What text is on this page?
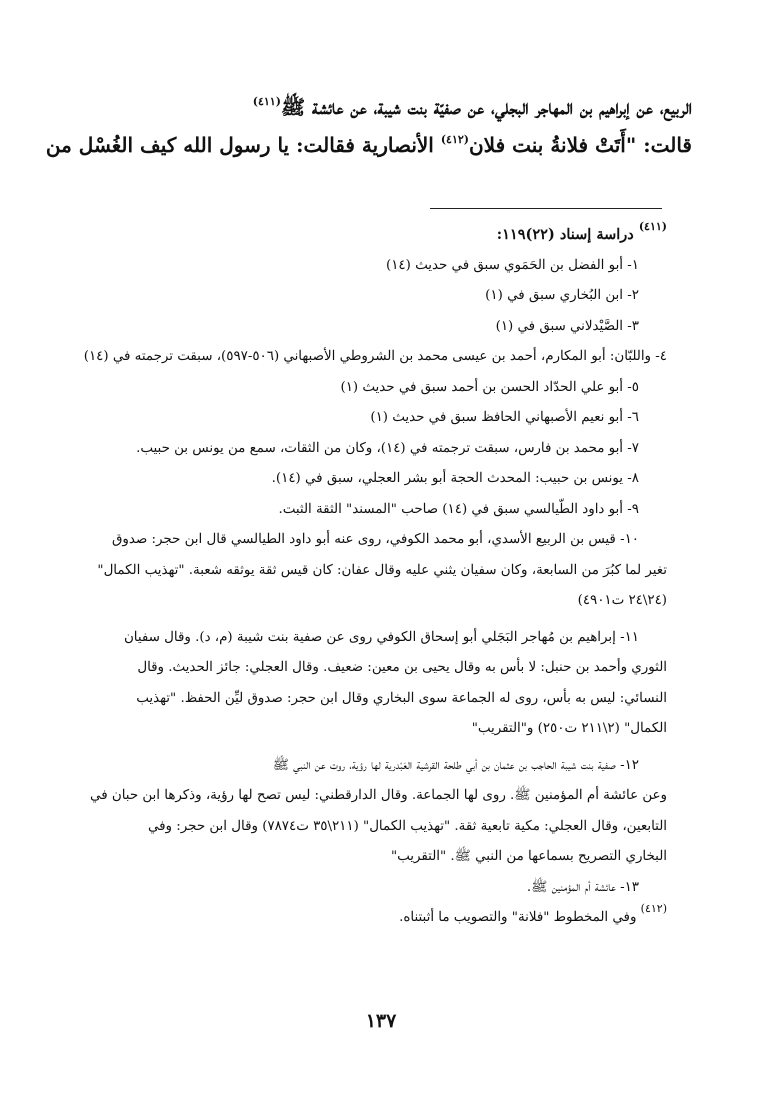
الربيع، عن إبراهيم بن المهاجر البجلي، عن صفيّة بنت شيبة، عن عائشة ﷺ$^{(٤١١)}$
قالت: "أَتَتْ فلانةُ بنت فلان$^{(٤١٢)}$ الأنصارية فقالت: يا رسول الله كيف الغُسْل من

$^{(٤١١)}$ دراسة إسناد (٢٢)١١٩:

١- أبو الفضل بن الحَمَوي سبق في حديث (١٤)

٢- ابن البُخاري سبق في (١)

٣- الصَّيْدلاني سبق في (١)

٤- واللبّان: أبو المكارم، أحمد بن عيسى محمد بن الشروطي الأصبهاني (٥٠٦-٥٩٧)، سبقت ترجمته في (١٤)

٥- أبو علي الحدّاد الحسن بن أحمد سبق في حديث (١)

٦- أبو نعيم الأصبهاني الحافظ سبق في حديث (١)

٧- أبو محمد بن فارس، سبقت ترجمته في (١٤)، وكان من الثقات، سمع من يونس بن حبيب.

٨- يونس بن حبيب: المحدث الحجة أبو بشر العجلي، سبق في (١٤).

٩- أبو داود الطّيالسي سبق في (١٤) صاحب "المسند" الثقة الثبت.

١٠- قيس بن الربيع الأسدي، أبو محمد الكوفي، روى عنه أبو داود الطيالسي قال ابن حجر: صدوق
تغير لما كبُرَ من السابعة، وكان سفيان يثني عليه وقال عفان: كان قيس ثقة يوثقه شعبة. "تهذيب الكمال"
(٢٤\٢٤ ت٤٩٠١)

١١- إبراهيم بن مُهاجر البَجَلي أبو إسحاق الكوفي روى عن صفية بنت شيبة (م، د). وقال سفيان
الثوري وأحمد بن حنبل: لا بأس به وقال يحيى بن معين: ضعيف. وقال العجلي: جائز الحديث. وقال
النسائي: ليس به بأس، روى له الجماعة سوى البخاري وقال ابن حجر: صدوق ليِّن الحفظ. "تهذيب
الكمال" (٢\٢١١ ت٢٥٠) و"التقريب"

١٢- صفية بنت شيبة الحاجب بن عثمان بن أبي طلحة القرشية العَبْدرية لها رؤية، روت عن النبي ﷺ
وعن عائشة أم المؤمنين ﷺ. روى لها الجماعة. وقال الدارقطني: ليس تصح لها رؤية، وذكرها ابن حبان في
التابعين، وقال العجلي: مكية تابعية ثقة. "تهذيب الكمال" (٢١١\٣٥ ت٧٨٧٤) وقال ابن حجر: وفي
البخاري التصريح بسماعها من النبي ﷺ. "التقريب"

١٣- عائشة أم المؤمنين ﷺ.

$^{(٤١٢)}$ وفي المخطوط "فلانة" والتصويب ما أثبتناه.

١٣٧
